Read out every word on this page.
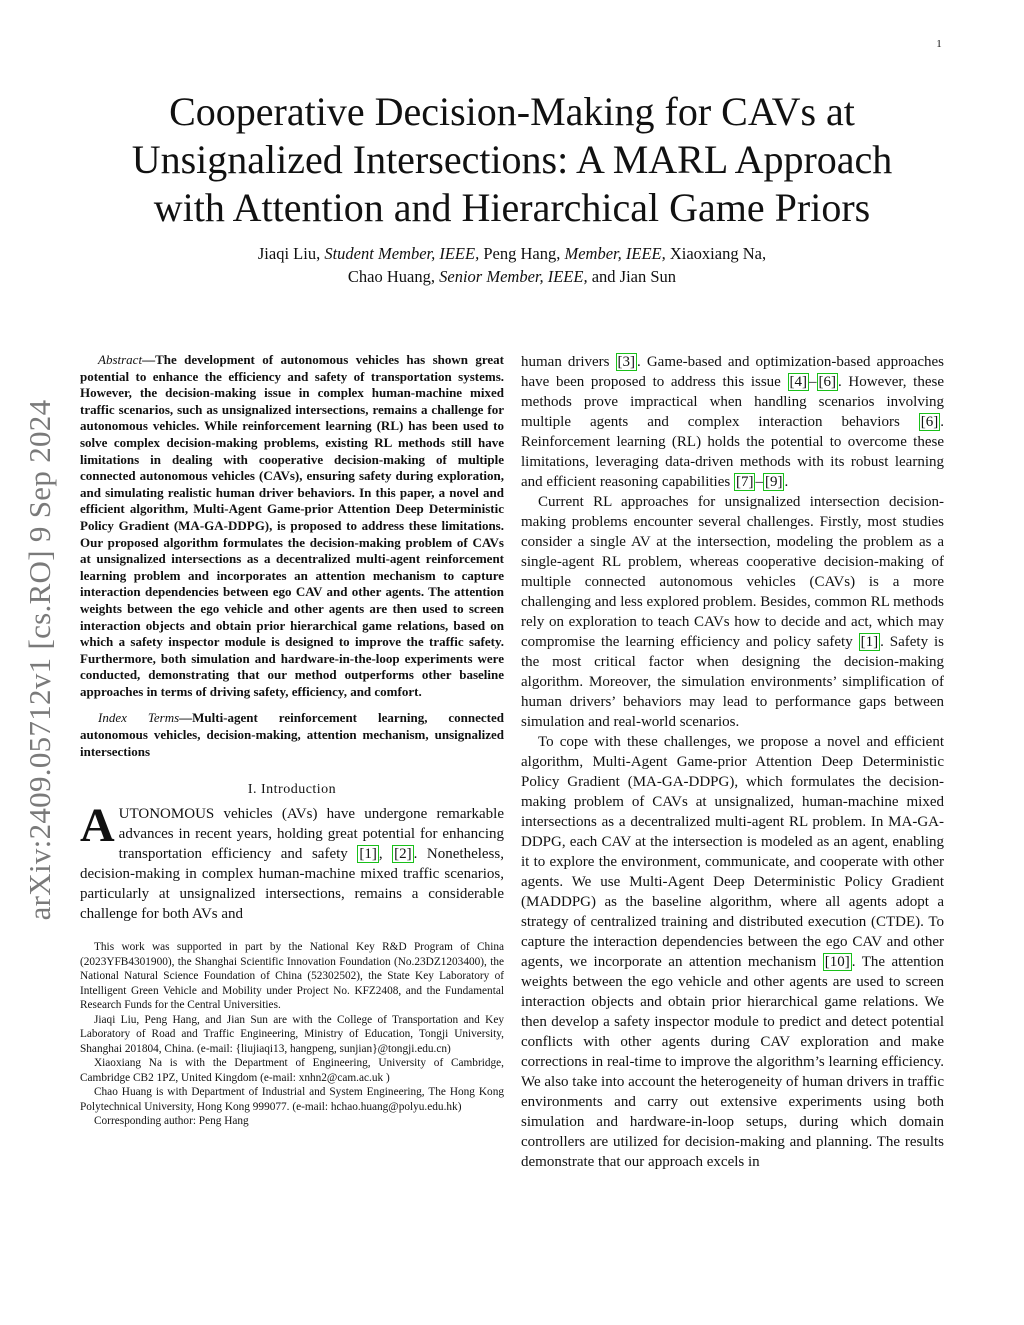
1
arXiv:2409.05712v1 [cs.RO] 9 Sep 2024
Cooperative Decision-Making for CAVs at
Unsignalized Intersections: A MARL Approach
with Attention and Hierarchical Game Priors
Jiaqi Liu, Student Member, IEEE, Peng Hang, Member, IEEE, Xiaoxiang Na,
Chao Huang, Senior Member, IEEE, and Jian Sun

Abstract—The development of autonomous vehicles has shown great potential to enhance the efficiency and safety of transportation systems. However, the decision-making issue in complex human-machine mixed traffic scenarios, such as unsignalized intersections, remains a challenge for autonomous vehicles. While reinforcement learning (RL) has been used to solve complex decision-making problems, existing RL methods still have limitations in dealing with cooperative decision-making of multiple connected autonomous vehicles (CAVs), ensuring safety during exploration, and simulating realistic human driver behaviors. In this paper, a novel and efficient algorithm, Multi-Agent Game-prior Attention Deep Deterministic Policy Gradient (MA-GA-DDPG), is proposed to address these limitations. Our proposed algorithm formulates the decision-making problem of CAVs at unsignalized intersections as a decentralized multi-agent reinforcement learning problem and incorporates an attention mechanism to capture interaction dependencies between ego CAV and other agents. The attention weights between the ego vehicle and other agents are then used to screen interaction objects and obtain prior hierarchical game relations, based on which a safety inspector module is designed to improve the traffic safety. Furthermore, both simulation and hardware-in-the-loop experiments were conducted, demonstrating that our method outperforms other baseline approaches in terms of driving safety, efficiency, and comfort.

Index Terms—Multi-agent reinforcement learning, connected autonomous vehicles, decision-making, attention mechanism, unsignalized intersections

I. Introduction

AUTONOMOUS vehicles (AVs) have undergone remarkable advances in recent years, holding great potential for enhancing transportation efficiency and safety [1] , [2] . Nonetheless, decision-making in complex human-machine mixed traffic scenarios, particularly at unsignalized intersections, remains a considerable challenge for both AVs and

This work was supported in part by the National Key R&D Program of China (2023YFB4301900), the Shanghai Scientific Innovation Foundation (No.23DZ1203400), the National Natural Science Foundation of China (52302502), the State Key Laboratory of Intelligent Green Vehicle and Mobility under Project No. KFZ2408, and the Fundamental Research Funds for the Central Universities.

Jiaqi Liu, Peng Hang, and Jian Sun are with the College of Transportation and Key Laboratory of Road and Traffic Engineering, Ministry of Education, Tongji University, Shanghai 201804, China. (e-mail: {liujiaqi13, hangpeng, sunjian}@tongji.edu.cn)

Xiaoxiang Na is with the Department of Engineering, University of Cambridge, Cambridge CB2 1PZ, United Kingdom (e-mail: xnhn2@cam.ac.uk )

Chao Huang is with Department of Industrial and System Engineering, The Hong Kong Polytechnical University, Hong Kong 999077. (e-mail: hchao.huang@polyu.edu.hk)

Corresponding author: Peng Hang

human drivers [3] . Game-based and optimization-based approaches have been proposed to address this issue [4] – [6] . However, these methods prove impractical when handling scenarios involving multiple agents and complex interaction behaviors [6] . Reinforcement learning (RL) holds the potential to overcome these limitations, leveraging data-driven methods with its robust learning and efficient reasoning capabilities [7] – [9] .

Current RL approaches for unsignalized intersection decision-making problems encounter several challenges. Firstly, most studies consider a single AV at the intersection, modeling the problem as a single-agent RL problem, whereas cooperative decision-making of multiple connected autonomous vehicles (CAVs) is a more challenging and less explored problem. Besides, common RL methods rely on exploration to teach CAVs how to decide and act, which may compromise the learning efficiency and policy safety [1] . Safety is the most critical factor when designing the decision-making algorithm. Moreover, the simulation environments’ simplification of human drivers’ behaviors may lead to performance gaps between simulation and real-world scenarios.

To cope with these challenges, we propose a novel and efficient algorithm, Multi-Agent Game-prior Attention Deep Deterministic Policy Gradient (MA-GA-DDPG), which formulates the decision-making problem of CAVs at unsignalized, human-machine mixed intersections as a decentralized multi-agent RL problem. In MA-GA-DDPG, each CAV at the intersection is modeled as an agent, enabling it to explore the environment, communicate, and cooperate with other agents. We use Multi-Agent Deep Deterministic Policy Gradient (MADDPG) as the baseline algorithm, where all agents adopt a strategy of centralized training and distributed execution (CTDE). To capture the interaction dependencies between the ego CAV and other agents, we incorporate an attention mechanism [10] . The attention weights between the ego vehicle and other agents are used to screen interaction objects and obtain prior hierarchical game relations. We then develop a safety inspector module to predict and detect potential conflicts with other agents during CAV exploration and make corrections in real-time to improve the algorithm’s learning efficiency. We also take into account the heterogeneity of human drivers in traffic environments and carry out extensive experiments using both simulation and hardware-in-loop setups, during which domain controllers are utilized for decision-making and planning. The results demonstrate that our approach excels in
